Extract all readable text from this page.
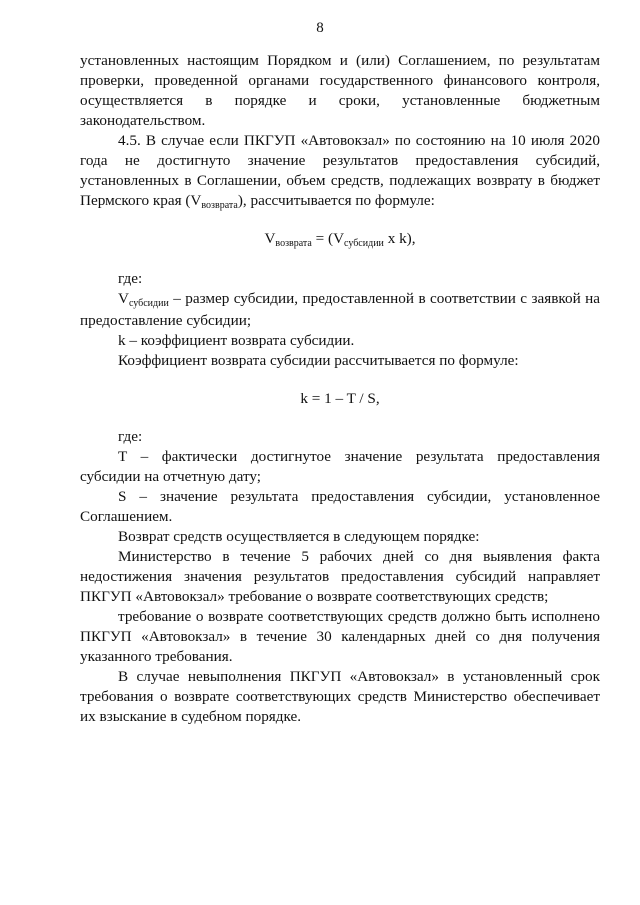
8

установленных настоящим Порядком и (или) Соглашением, по результатам проверки, проведенной органами государственного финансового контроля, осуществляется в порядке и сроки, установленные бюджетным законодательством.

4.5. В случае если ПКГУП «Автовокзал» по состоянию на 10 июля 2020 года не достигнуто значение результатов предоставления субсидий, установленных в Соглашении, объем средств, подлежащих возврату в бюджет Пермского края (Vвозврата), рассчитывается по формуле:

Vвозврата = (Vсубсидии x k),

где:

Vсубсидии – размер субсидии, предоставленной в соответствии с заявкой на предоставление субсидии;

k – коэффициент возврата субсидии.

Коэффициент возврата субсидии рассчитывается по формуле:

k = 1 – T / S,

где:

T – фактически достигнутое значение результата предоставления субсидии на отчетную дату;

S – значение результата предоставления субсидии, установленное Соглашением.

Возврат средств осуществляется в следующем порядке:

Министерство в течение 5 рабочих дней со дня выявления факта недостижения значения результатов предоставления субсидий направляет ПКГУП «Автовокзал» требование о возврате соответствующих средств;

требование о возврате соответствующих средств должно быть исполнено ПКГУП «Автовокзал» в течение 30 календарных дней со дня получения указанного требования.

В случае невыполнения ПКГУП «Автовокзал» в установленный срок требования о возврате соответствующих средств Министерство обеспечивает их взыскание в судебном порядке.
